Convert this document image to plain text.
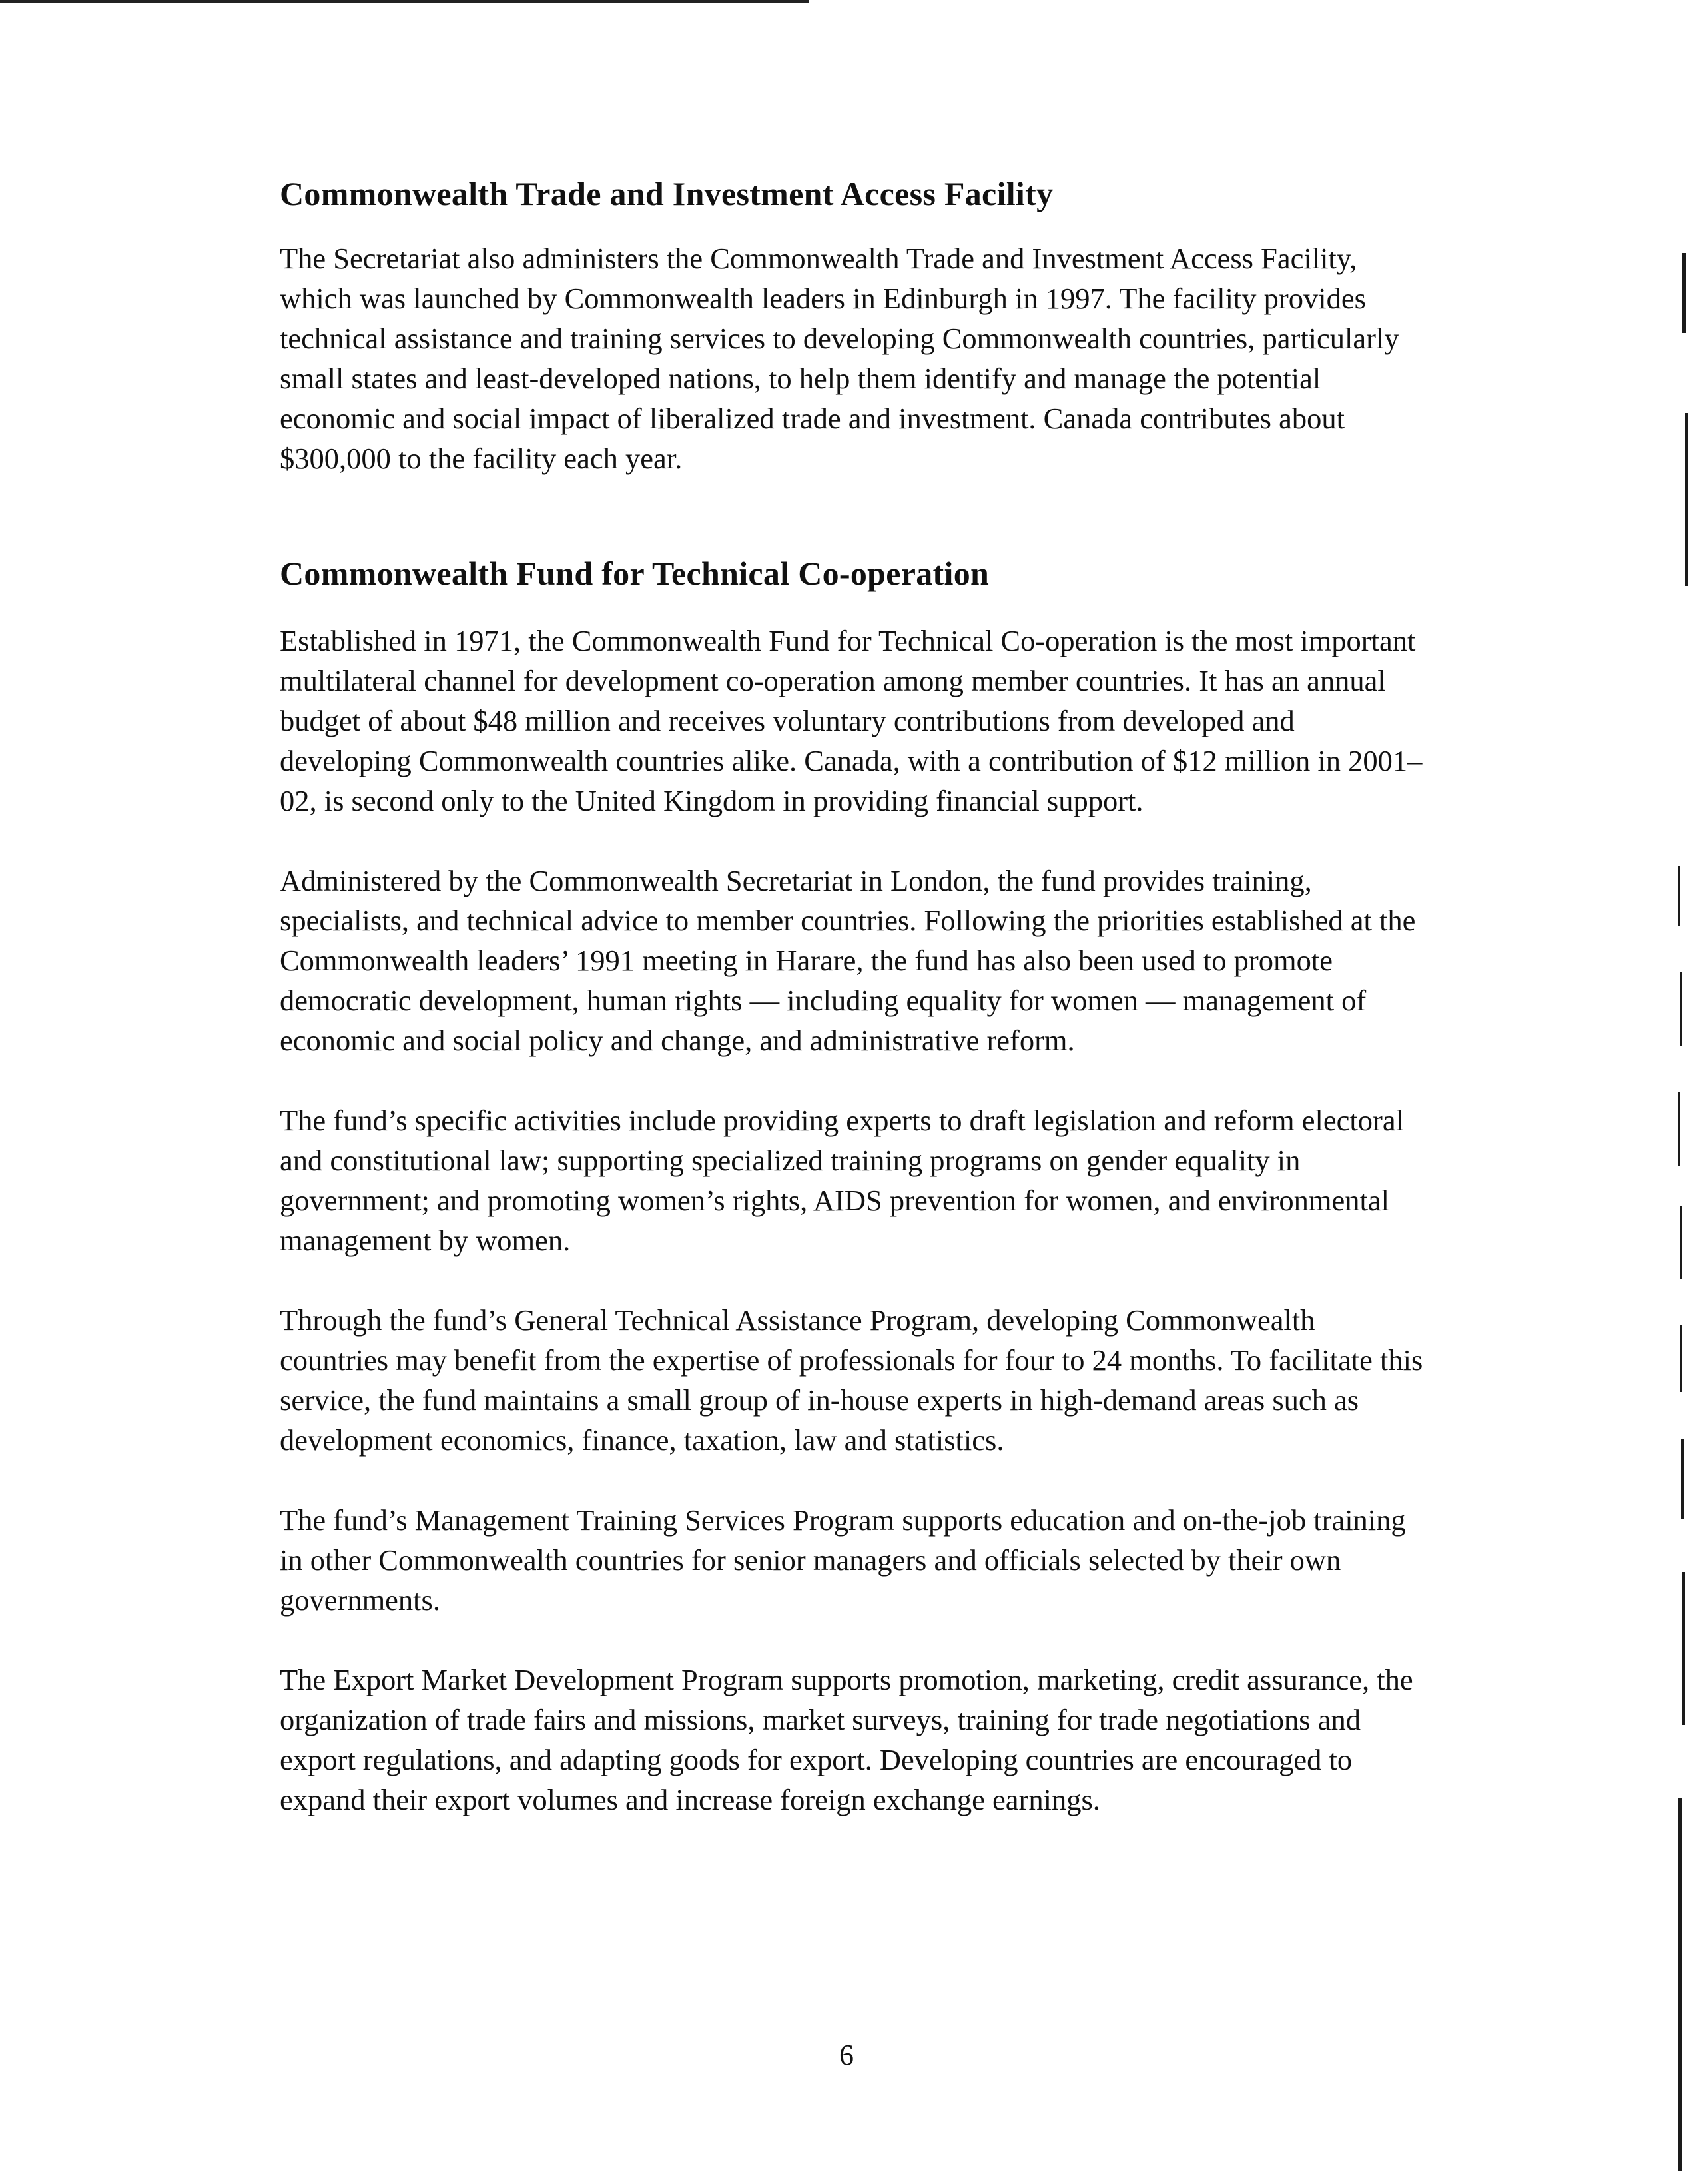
Commonwealth Trade and Investment Access Facility

The Secretariat also administers the Commonwealth Trade and Investment Access Facility, which was launched by Commonwealth leaders in Edinburgh in 1997. The facility provides technical assistance and training services to developing Commonwealth countries, particularly small states and least-developed nations, to help them identify and manage the potential economic and social impact of liberalized trade and investment. Canada contributes about $300,000 to the facility each year.

Commonwealth Fund for Technical Co-operation

Established in 1971, the Commonwealth Fund for Technical Co-operation is the most important multilateral channel for development co-operation among member countries. It has an annual budget of about $48 million and receives voluntary contributions from developed and developing Commonwealth countries alike. Canada, with a contribution of $12 million in 2001–02, is second only to the United Kingdom in providing financial support.

Administered by the Commonwealth Secretariat in London, the fund provides training, specialists, and technical advice to member countries. Following the priorities established at the Commonwealth leaders’ 1991 meeting in Harare, the fund has also been used to promote democratic development, human rights — including equality for women — management of economic and social policy and change, and administrative reform.

The fund’s specific activities include providing experts to draft legislation and reform electoral and constitutional law; supporting specialized training programs on gender equality in government; and promoting women’s rights, AIDS prevention for women, and environmental management by women.

Through the fund’s General Technical Assistance Program, developing Commonwealth countries may benefit from the expertise of professionals for four to 24 months. To facilitate this service, the fund maintains a small group of in-house experts in high-demand areas such as development economics, finance, taxation, law and statistics.

The fund’s Management Training Services Program supports education and on-the-job training in other Commonwealth countries for senior managers and officials selected by their own governments.

The Export Market Development Program supports promotion, marketing, credit assurance, the organization of trade fairs and missions, market surveys, training for trade negotiations and export regulations, and adapting goods for export. Developing countries are encouraged to expand their export volumes and increase foreign exchange earnings.

6
